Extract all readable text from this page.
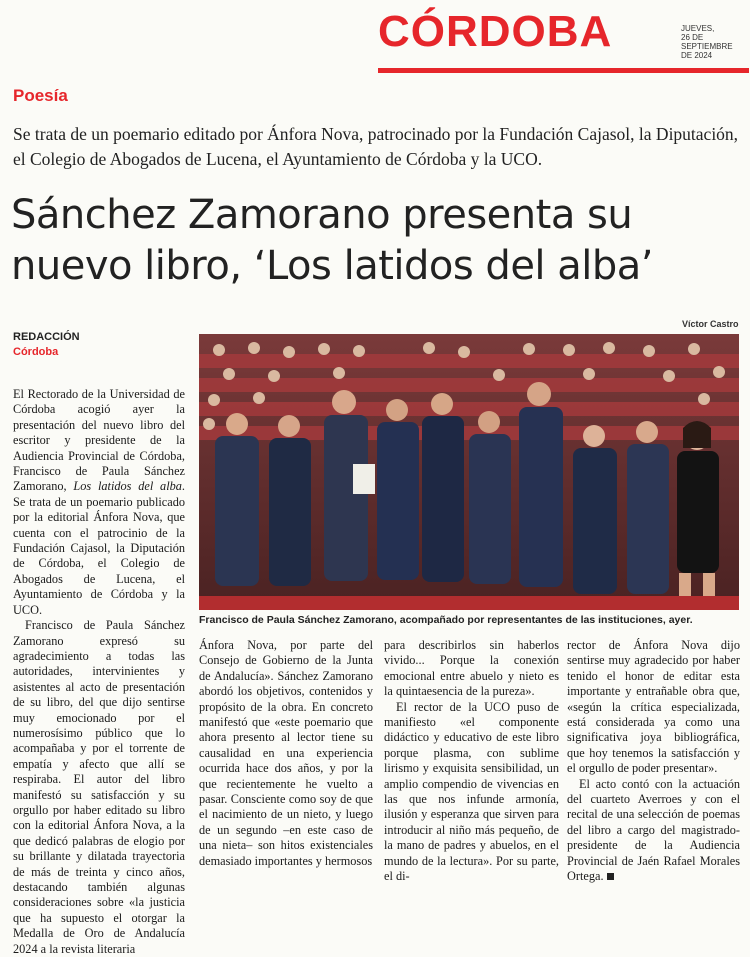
CÓRDOBA	JUEVES,
26 DE SEPTIEMBRE
DE 2024
Poesía
Se trata de un poemario editado por Ánfora Nova, patrocinado por la Fundación Cajasol, la Diputación, el Colegio de Abogados de Lucena, el Ayuntamiento de Córdoba y la UCO.
Sánchez Zamorano presenta su
nuevo libro, ‘Los latidos del alba’
REDACCIÓN
Córdoba
Víctor Castro
Francisco de Paula Sánchez Zamorano, acompañado por representantes de las instituciones, ayer.

El Rectorado de la Universidad de Córdoba acogió ayer la presentación del nuevo libro del escritor y presidente de la Audiencia Provincial de Córdoba, Francisco de Paula Sánchez Zamorano, Los latidos del alba. Se trata de un poemario publicado por la editorial Ánfora Nova, que cuenta con el patrocinio de la Fundación Cajasol, la Diputación de Córdoba, el Colegio de Abogados de Lucena, el Ayuntamiento de Córdoba y la UCO.

Francisco de Paula Sánchez Zamorano expresó su agradecimiento a todas las autoridades, intervinientes y asistentes al acto de presentación de su libro, del que dijo sentirse muy emocionado por el numerosísimo público que lo acompañaba y por el torrente de empatía y afecto que allí se respiraba. El autor del libro manifestó su satisfacción y su orgullo por haber editado su libro con la editorial Ánfora Nova, a la que dedicó palabras de elogio por su brillante y dilatada trayectoria de más de treinta y cinco años, destacando también algunas consideraciones sobre «la justicia que ha supuesto el otorgar la Medalla de Oro de Andalucía 2024 a la revista literaria

Ánfora Nova, por parte del Consejo de Gobierno de la Junta de Andalucía». Sánchez Zamorano abordó los objetivos, contenidos y propósito de la obra. En concreto manifestó que «este poemario que ahora presento al lector tiene su causalidad en una experiencia ocurrida hace dos años, y por la que recientemente he vuelto a pasar. Consciente como soy de que el nacimiento de un nieto, y luego de un segundo –en este caso de una nieta– son hitos existenciales demasiado importantes y hermosos

para describirlos sin haberlos vivido... Porque la conexión emocional entre abuelo y nieto es la quintaesencia de la pureza».

El rector de la UCO puso de manifiesto «el componente didáctico y educativo de este libro porque plasma, con sublime lirismo y exquisita sensibilidad, un amplio compendio de vivencias en las que nos infunde armonía, ilusión y esperanza que sirven para introducir al niño más pequeño, de la mano de padres y abuelos, en el mundo de la lectura». Por su parte, el di-

rector de Ánfora Nova dijo sentirse muy agradecido por haber tenido el honor de editar esta importante y entrañable obra que, «según la crítica especializada, está considerada ya como una significativa joya bibliográfica, que hoy tenemos la satisfacción y el orgullo de poder presentar».

El acto contó con la actuación del cuarteto Averroes y con el recital de una selección de poemas del libro a cargo del magistrado-presidente de la Audiencia Provincial de Jaén Rafael Morales Ortega.
